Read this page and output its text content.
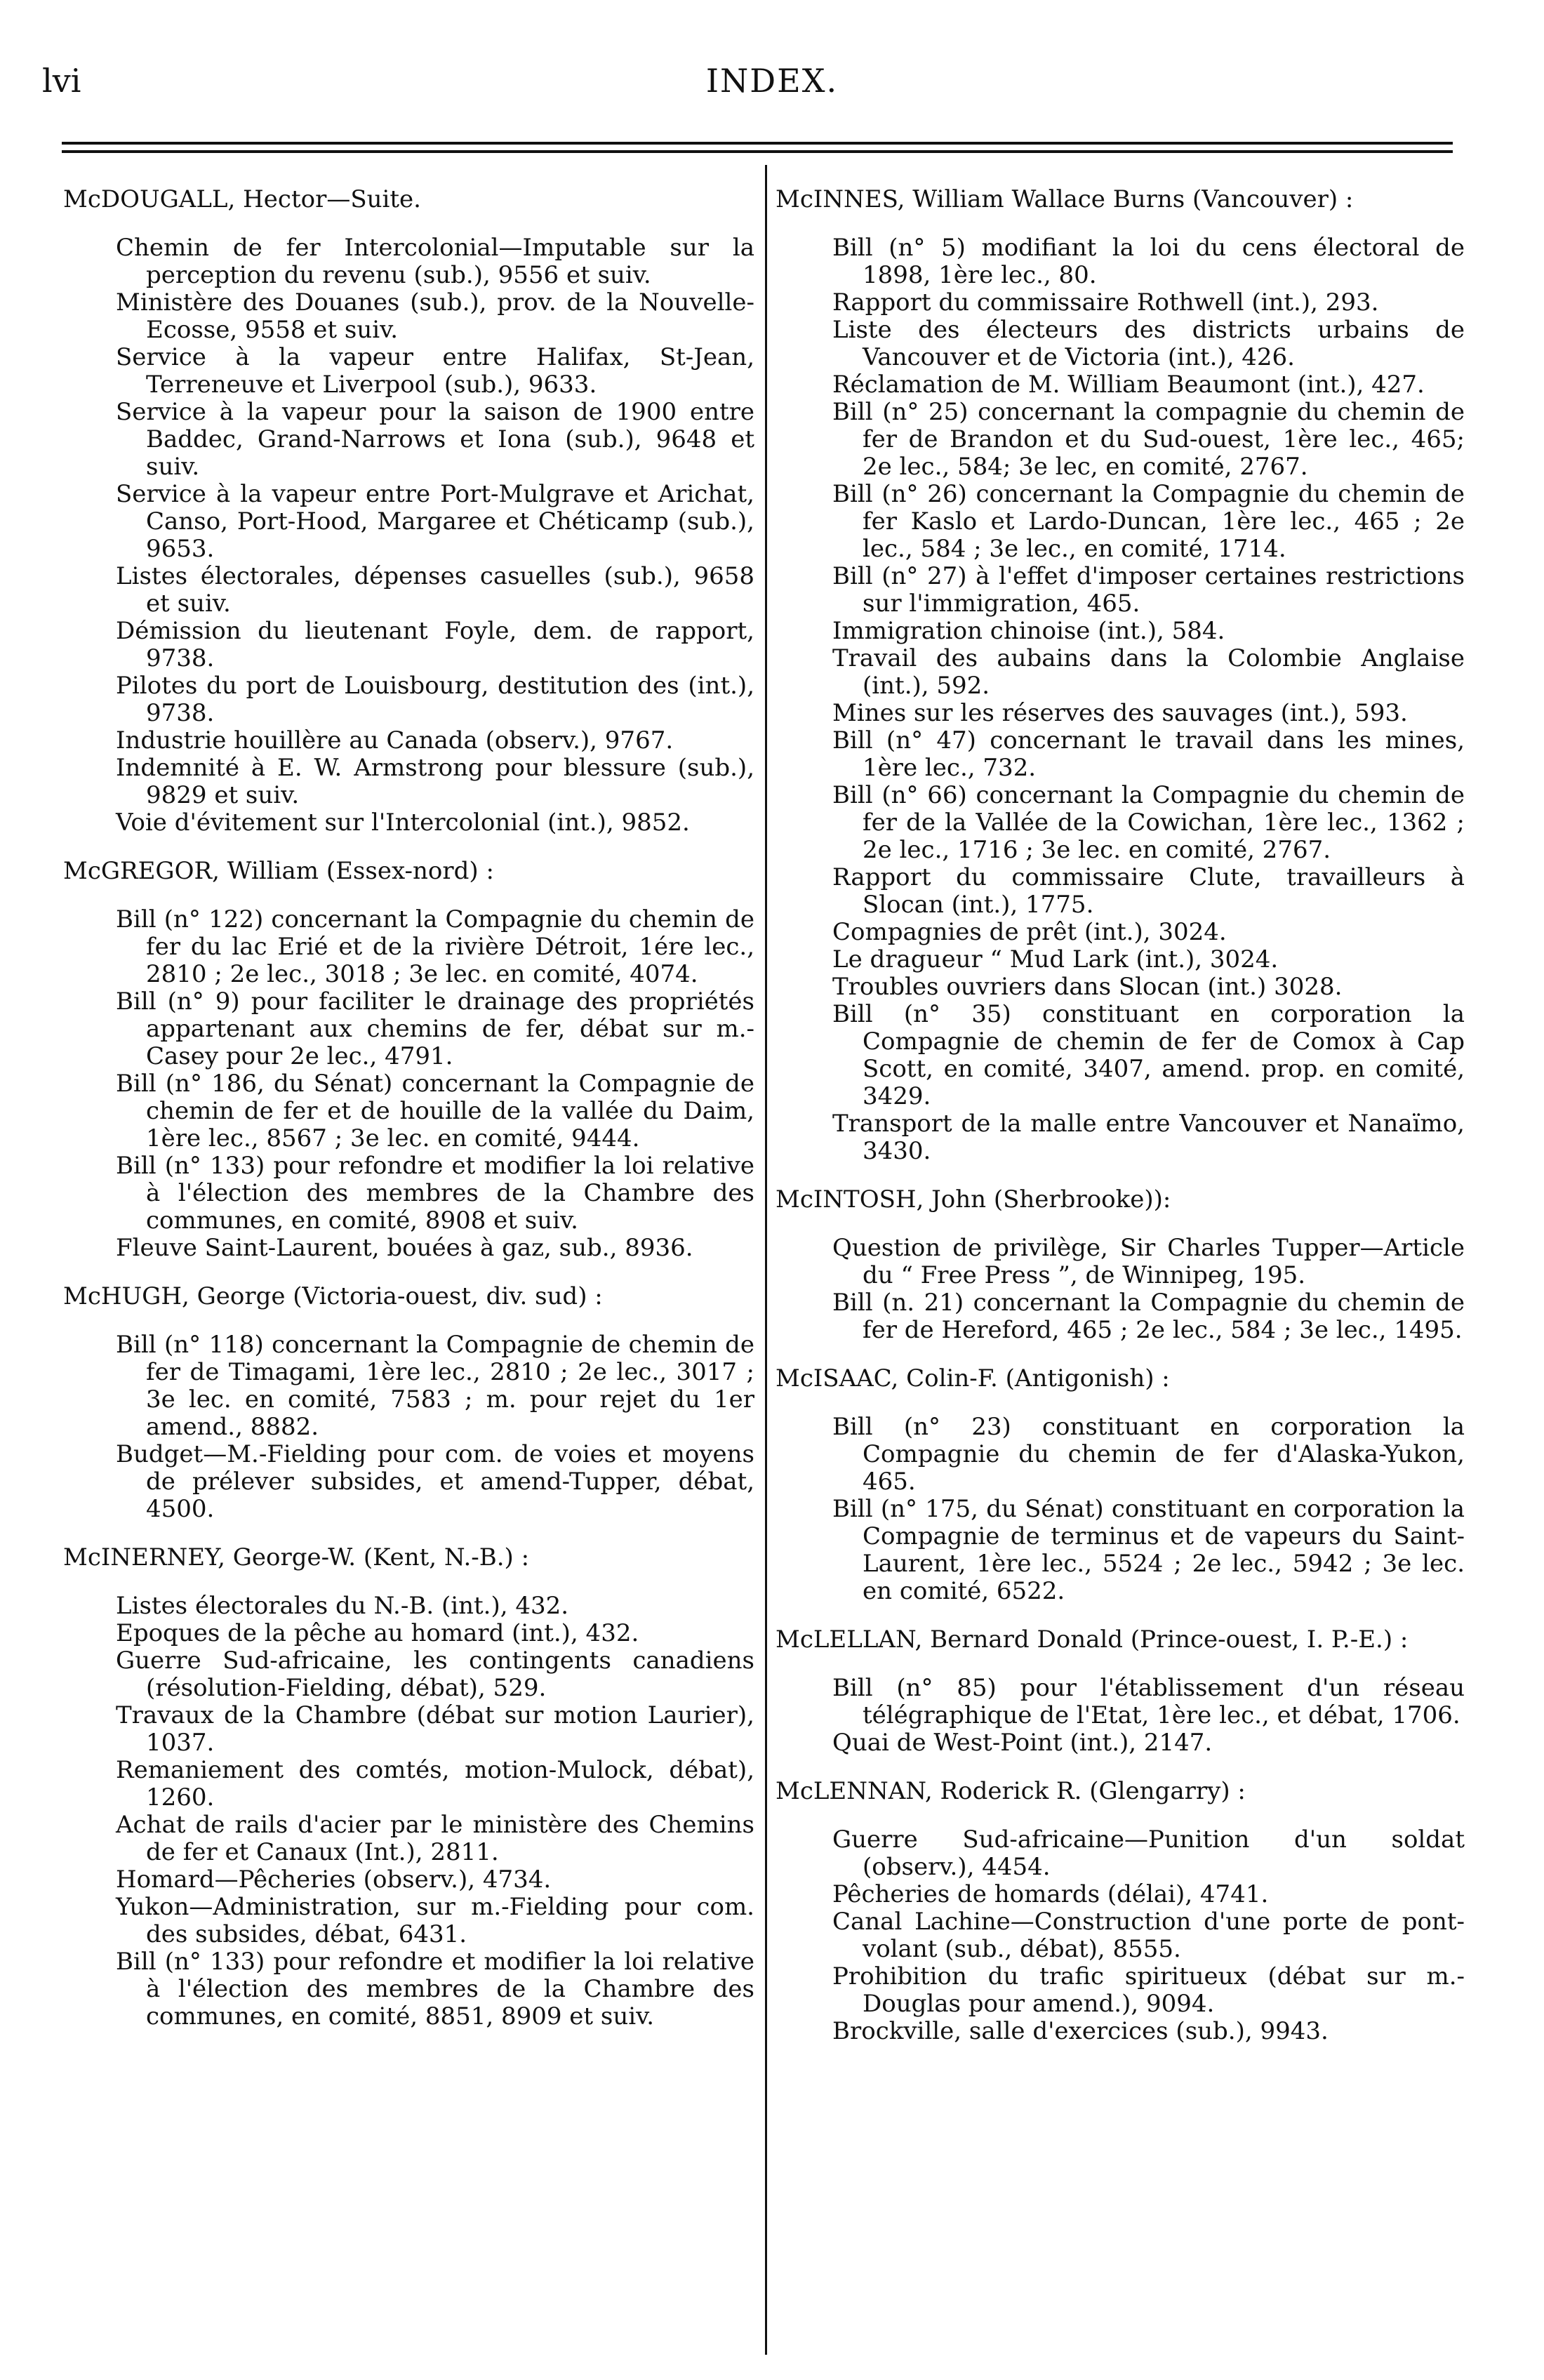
lvi	INDEX.
McDOUGALL, Hector—Suite.

Chemin de fer Intercolonial—Imputable sur la perception du revenu (sub.), 9556 et suiv.

Ministère des Douanes (sub.), prov. de la Nouvelle-Ecosse, 9558 et suiv.

Service à la vapeur entre Halifax, St-Jean, Terreneuve et Liverpool (sub.), 9633.

Service à la vapeur pour la saison de 1900 entre Baddec, Grand-Narrows et Iona (sub.), 9648 et suiv.

Service à la vapeur entre Port-Mulgrave et Arichat, Canso, Port-Hood, Margaree et Chéticamp (sub.), 9653.

Listes électorales, dépenses casuelles (sub.), 9658 et suiv.

Démission du lieutenant Foyle, dem. de rapport, 9738.

Pilotes du port de Louisbourg, destitution des (int.), 9738.

Industrie houillère au Canada (observ.), 9767.

Indemnité à E. W. Armstrong pour blessure (sub.), 9829 et suiv.

Voie d'évitement sur l'Intercolonial (int.), 9852.

McGREGOR, William (Essex-nord) :

Bill (n° 122) concernant la Compagnie du chemin de fer du lac Erié et de la rivière Détroit, 1ére lec., 2810 ; 2e lec., 3018 ; 3e lec. en comité, 4074.

Bill (n° 9) pour faciliter le drainage des propriétés appartenant aux chemins de fer, débat sur m.-Casey pour 2e lec., 4791.

Bill (n° 186, du Sénat) concernant la Compagnie de chemin de fer et de houille de la vallée du Daim, 1ère lec., 8567 ; 3e lec. en comité, 9444.

Bill (n° 133) pour refondre et modifier la loi relative à l'élection des membres de la Chambre des communes, en comité, 8908 et suiv.

Fleuve Saint-Laurent, bouées à gaz, sub., 8936.

McHUGH, George (Victoria-ouest, div. sud) :

Bill (n° 118) concernant la Compagnie de chemin de fer de Timagami, 1ère lec., 2810 ; 2e lec., 3017 ; 3e lec. en comité, 7583 ; m. pour rejet du 1er amend., 8882.

Budget—M.-Fielding pour com. de voies et moyens de prélever subsides, et amend-Tupper, débat, 4500.

McINERNEY, George-W. (Kent, N.-B.) :

Listes électorales du N.-B. (int.), 432.

Epoques de la pêche au homard (int.), 432.

Guerre Sud-africaine, les contingents canadiens (résolution-Fielding, débat), 529.

Travaux de la Chambre (débat sur motion Laurier), 1037.

Remaniement des comtés, motion-Mulock, débat), 1260.

Achat de rails d'acier par le ministère des Chemins de fer et Canaux (Int.), 2811.

Homard—Pêcheries (observ.), 4734.

Yukon—Administration, sur m.-Fielding pour com. des subsides, débat, 6431.

Bill (n° 133) pour refondre et modifier la loi relative à l'élection des membres de la Chambre des communes, en comité, 8851, 8909 et suiv.

McINNES, William Wallace Burns (Vancouver) :

Bill (n° 5) modifiant la loi du cens électoral de 1898, 1ère lec., 80.

Rapport du commissaire Rothwell (int.), 293.

Liste des électeurs des districts urbains de Vancouver et de Victoria (int.), 426.

Réclamation de M. William Beaumont (int.), 427.

Bill (n° 25) concernant la compagnie du chemin de fer de Brandon et du Sud-ouest, 1ère lec., 465; 2e lec., 584; 3e lec, en comité, 2767.

Bill (n° 26) concernant la Compagnie du chemin de fer Kaslo et Lardo-Duncan, 1ère lec., 465 ; 2e lec., 584 ; 3e lec., en comité, 1714.

Bill (n° 27) à l'effet d'imposer certaines restrictions sur l'immigration, 465.

Immigration chinoise (int.), 584.

Travail des aubains dans la Colombie Anglaise (int.), 592.

Mines sur les réserves des sauvages (int.), 593.

Bill (n° 47) concernant le travail dans les mines, 1ère lec., 732.

Bill (n° 66) concernant la Compagnie du chemin de fer de la Vallée de la Cowichan, 1ère lec., 1362 ; 2e lec., 1716 ; 3e lec. en comité, 2767.

Rapport du commissaire Clute, travailleurs à Slocan (int.), 1775.

Compagnies de prêt (int.), 3024.

Le dragueur “ Mud Lark (int.), 3024.

Troubles ouvriers dans Slocan (int.) 3028.

Bill (n° 35) constituant en corporation la Compagnie de chemin de fer de Comox à Cap Scott, en comité, 3407, amend. prop. en comité, 3429.

Transport de la malle entre Vancouver et Nanaïmo, 3430.

McINTOSH, John (Sherbrooke)):

Question de privilège, Sir Charles Tupper—Article du “ Free Press ”, de Winnipeg, 195.

Bill (n. 21) concernant la Compagnie du chemin de fer de Hereford, 465 ; 2e lec., 584 ; 3e lec., 1495.

McISAAC, Colin-F. (Antigonish) :

Bill (n° 23) constituant en corporation la Compagnie du chemin de fer d'Alaska-Yukon, 465.

Bill (n° 175, du Sénat) constituant en corporation la Compagnie de terminus et de vapeurs du Saint-Laurent, 1ère lec., 5524 ; 2e lec., 5942 ; 3e lec. en comité, 6522.

McLELLAN, Bernard Donald (Prince-ouest, I. P.-E.) :

Bill (n° 85) pour l'établissement d'un réseau télégraphique de l'Etat, 1ère lec., et débat, 1706.

Quai de West-Point (int.), 2147.

McLENNAN, Roderick R. (Glengarry) :

Guerre Sud-africaine—Punition d'un soldat (observ.), 4454.

Pêcheries de homards (délai), 4741.

Canal Lachine—Construction d'une porte de pont-volant (sub., débat), 8555.

Prohibition du trafic spiritueux (débat sur m.-Douglas pour amend.), 9094.

Brockville, salle d'exercices (sub.), 9943.
